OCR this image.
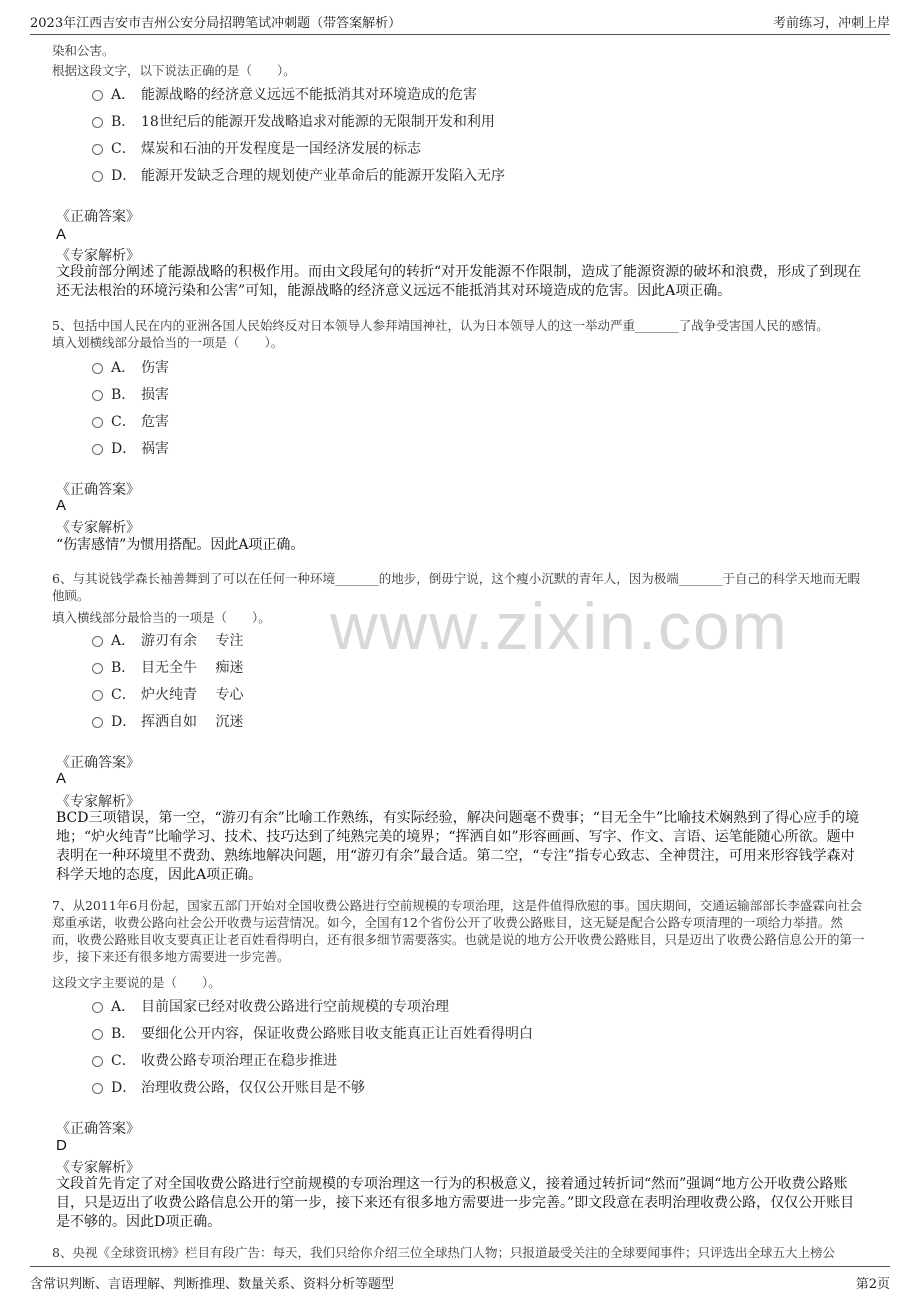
2023年江西吉安市吉州公安分局招聘笔试冲刺题（带答案解析）	考前练习，冲刺上岸
www.zixin.com
染和公害。
根据这段文字，以下说法正确的是（　　）。
A． 能源战略的经济意义远远不能抵消其对环境造成的危害
B． 18世纪后的能源开发战略追求对能源的无限制开发和利用
C． 煤炭和石油的开发程度是一国经济发展的标志
D． 能源开发缺乏合理的规划使产业革命后的能源开发陷入无序
《正确答案》
A
《专家解析》
文段前部分阐述了能源战略的积极作用。而由文段尾句的转折“对开发能源不作限制，造成了能源资源的破坏和浪费，形成了到现在还无法根治的环境污染和公害”可知，能源战略的经济意义远远不能抵消其对环境造成的危害。因此A项正确。
5、包括中国人民在内的亚洲各国人民始终反对日本领导人参拜靖国神社，认为日本领导人的这一举动严重_______了战争受害国人民的感情。
填入划横线部分最恰当的一项是（　　）。
A． 伤害
B． 损害
C． 危害
D． 祸害
《正确答案》
A
《专家解析》
“伤害感情”为惯用搭配。因此A项正确。
6、与其说钱学森长袖善舞到了可以在任何一种环境_______的地步，倒毋宁说，这个瘦小沉默的青年人，因为极端_______于自己的科学天地而无暇他顾。
填入横线部分最恰当的一项是（　　）。
A． 游刃有余　 专注
B． 目无全牛　 痴迷
C． 炉火纯青　 专心
D． 挥洒自如　 沉迷
《正确答案》
A
《专家解析》
BCD三项错误，第一空，“游刃有余”比喻工作熟练，有实际经验，解决问题毫不费事；“目无全牛”比喻技术娴熟到了得心应手的境地；“炉火纯青”比喻学习、技术、技巧达到了纯熟完美的境界；“挥洒自如”形容画画、写字、作文、言语、运笔能随心所欲。题中表明在一种环境里不费劲、熟练地解决问题，用“游刃有余”最合适。第二空，“专注”指专心致志、全神贯注，可用来形容钱学森对科学天地的态度，因此A项正确。
7、从2011年6月份起，国家五部门开始对全国收费公路进行空前规模的专项治理，这是件值得欣慰的事。国庆期间，交通运输部部长李盛霖向社会郑重承诺，收费公路向社会公开收费与运营情况。如今，全国有12个省份公开了收费公路账目，这无疑是配合公路专项清理的一项给力举措。然而，收费公路账目收支要真正让老百姓看得明白，还有很多细节需要落实。也就是说的地方公开收费公路账目，只是迈出了收费公路信息公开的第一步，接下来还有很多地方需要进一步完善。
这段文字主要说的是（　　）。
A． 目前国家已经对收费公路进行空前规模的专项治理
B． 要细化公开内容，保证收费公路账目收支能真正让百姓看得明白
C． 收费公路专项治理正在稳步推进
D． 治理收费公路，仅仅公开账目是不够
《正确答案》
D
《专家解析》
文段首先肯定了对全国收费公路进行空前规模的专项治理这一行为的积极意义，接着通过转折词“然而”强调“地方公开收费公路账目，只是迈出了收费公路信息公开的第一步，接下来还有很多地方需要进一步完善。”即文段意在表明治理收费公路，仅仅公开账目是不够的。因此D项正确。
8、央视《全球资讯榜》栏目有段广告：每天，我们只给你介绍三位全球热门人物；只报道最受关注的全球要闻事件；只评选出全球五大上榜公
含常识判断、言语理解、判断推理、数量关系、资料分析等题型	第2页
